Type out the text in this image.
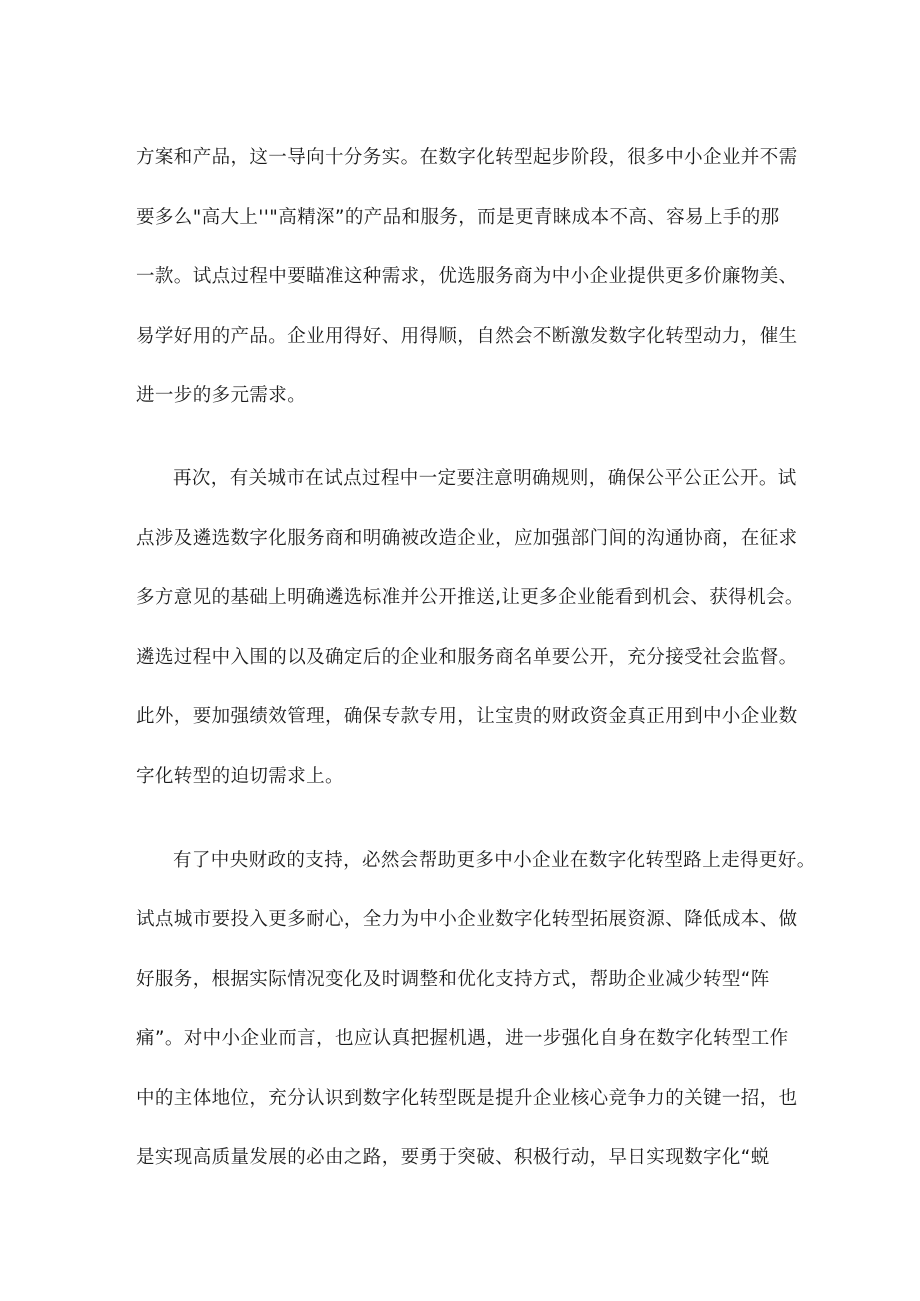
方案和产品，这一导向十分务实。在数字化转型起步阶段，很多中小企业并不需
要多么"高大上''"高精深”的产品和服务，而是更青睐成本不高、容易上手的那
一款。试点过程中要瞄准这种需求，优选服务商为中小企业提供更多价廉物美、
易学好用的产品。企业用得好、用得顺，自然会不断激发数字化转型动力，催生
进一步的多元需求。
再次，有关城市在试点过程中一定要注意明确规则，确保公平公正公开。试
点涉及遴选数字化服务商和明确被改造企业，应加强部门间的沟通协商，在征求
多方意见的基础上明确遴选标准并公开推送,让更多企业能看到机会、获得机会。
遴选过程中入围的以及确定后的企业和服务商名单要公开，充分接受社会监督。
此外，要加强绩效管理，确保专款专用，让宝贵的财政资金真正用到中小企业数
字化转型的迫切需求上。
有了中央财政的支持，必然会帮助更多中小企业在数字化转型路上走得更好。
试点城市要投入更多耐心，全力为中小企业数字化转型拓展资源、降低成本、做
好服务，根据实际情况变化及时调整和优化支持方式，帮助企业减少转型“阵
痛”。对中小企业而言，也应认真把握机遇，进一步强化自身在数字化转型工作
中的主体地位，充分认识到数字化转型既是提升企业核心竞争力的关键一招，也
是实现高质量发展的必由之路，要勇于突破、积极行动，早日实现数字化“蜕
